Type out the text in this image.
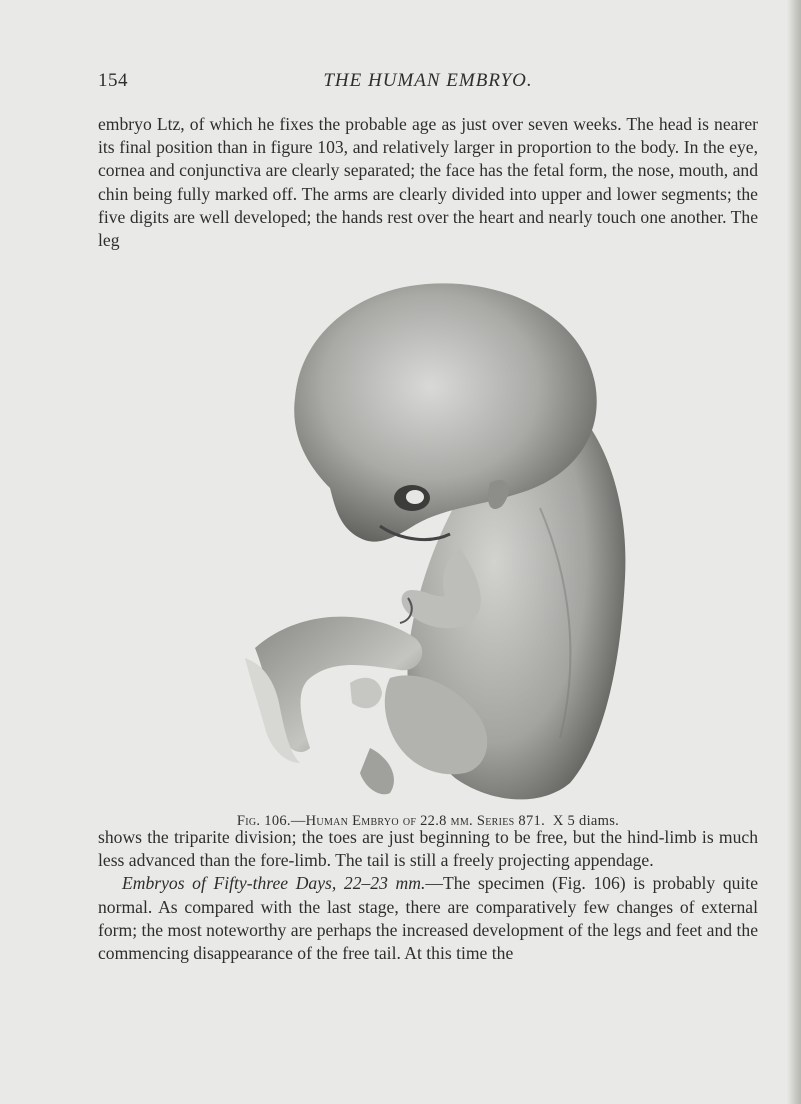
154	THE HUMAN EMBRYO.

embryo Ltz, of which he fixes the probable age as just over seven weeks. The head is nearer its final position than in figure 103, and relatively larger in proportion to the body. In the eye, cornea and conjunctiva are clearly separated; the face has the fetal form, the nose, mouth, and chin being fully marked off. The arms are clearly divided into upper and lower segments; the five digits are well developed; the hands rest over the heart and nearly touch one another. The leg

Fig. 106.—Human Embryo of 22.8 mm. Series 871. X 5 diams.

shows the triparite division; the toes are just beginning to be free, but the hind-limb is much less advanced than the fore-limb. The tail is still a freely projecting appendage.

Embryos of Fifty-three Days, 22–23 mm.—The specimen (Fig. 106) is probably quite normal. As compared with the last stage, there are comparatively few changes of external form; the most noteworthy are perhaps the increased development of the legs and feet and the commencing disappearance of the free tail. At this time the
